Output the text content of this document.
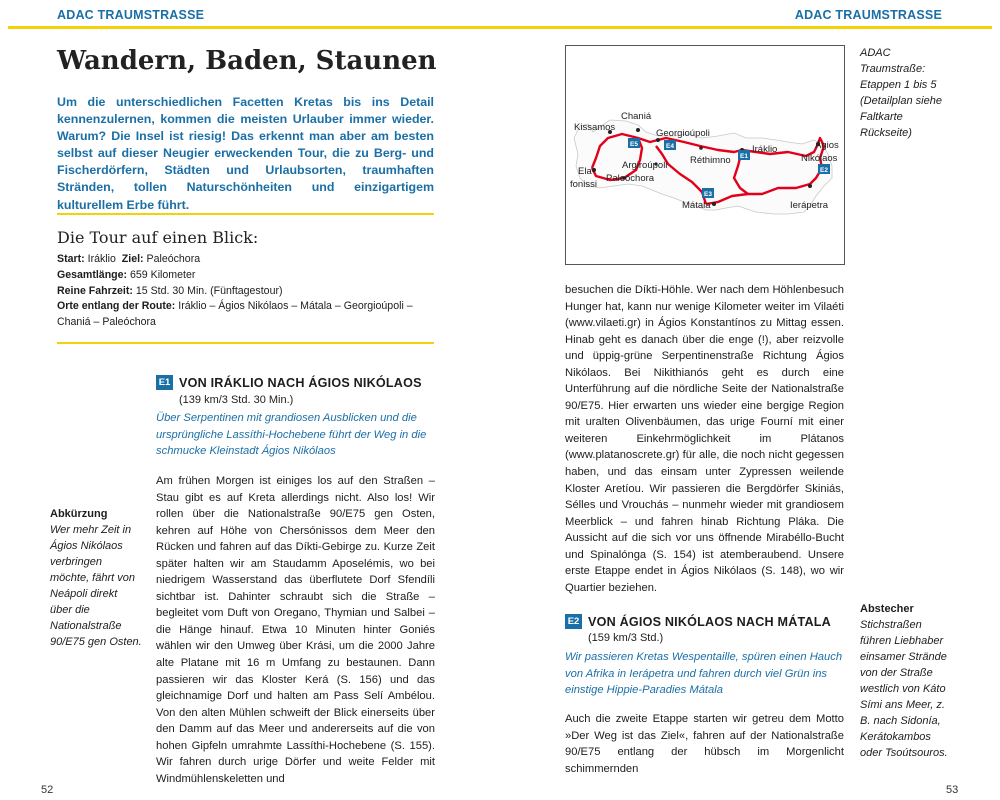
ADAC TRAUMSTRASSE	ADAC TRAUMSTRASSE
Wandern, Baden, Staunen
Um die unterschiedlichen Facetten Kretas bis ins Detail kennenzulernen, kommen die meisten Urlauber immer wieder. Warum? Die Insel ist riesig! Das erkennt man aber am besten selbst auf dieser Neugier erweckenden Tour, die zu Berg- und Fischerdörfern, Städten und Urlaubsorten, traumhaften Stränden, tollen Naturschönheiten und einzigartigem kulturellem Erbe führt.
Die Tour auf einen Blick:
Start: Iráklio Ziel: Paleóchora
Gesamtlänge: 659 Kilometer
Reine Fahrzeit: 15 Std. 30 Min. (Fünftagestour)
Orte entlang der Route: Iráklio – Ágios Nikólaos – Mátala – Georgioúpoli – Chaniá – Paleóchora
E1 VON IRÁKLIO NACH ÁGIOS NIKÓLAOS
(139 km/3 Std. 30 Min.)
Über Serpentinen mit grandiosen Ausblicken und die ursprüngliche Lassíthi-Hochebene führt der Weg in die schmucke Kleinstadt Ágios Nikólaos
Am frühen Morgen ist einiges los auf den Straßen – Stau gibt es auf Kreta allerdings nicht. Also los! Wir rollen über die Nationalstraße 90/E75 gen Osten, kehren auf Höhe von Chersónissos dem Meer den Rücken und fahren auf das Díkti-Gebirge zu. Kurze Zeit später halten wir am Staudamm Aposelémis, wo bei niedrigem Wasserstand das überflutete Dorf Sfendíli sichtbar ist. Dahinter schraubt sich die Straße – begleitet vom Duft von Oregano, Thymian und Salbei – die Hänge hinauf. Etwa 10 Minuten hinter Goniés wählen wir den Umweg über Krási, um die 2000 Jahre alte Platane mit 16 m Umfang zu bestaunen. Dann passieren wir das Kloster Kerá (S. 156) und das gleichnamige Dorf und halten am Pass Selí Ambélou. Von den alten Mühlen schweift der Blick einerseits über den Damm auf das Meer und andererseits auf die von hohen Gipfeln umrahmte Lassíthi-Hochebene (S. 155). Wir fahren durch urige Dörfer und weite Felder mit Windmühlenskeletten und
Abkürzung
Wer mehr Zeit in Ágios Nikólaos verbringen möchte, fährt von Neápoli direkt über die Nationalstraße 90/E75 gen Osten.
Chaniá
Kissamos
Georgioúpoli
Iráklio	Ágios
Nikólaos
Argiroúpoli Réthimno
Ela-
fonissi
Paleóchora
Mátala	Ierápetra
E5	E4
E1
E2
E3
ADAC Traumstraße: Etappen 1 bis 5 (Detailplan siehe Faltkarte Rückseite)
besuchen die Díkti-Höhle. Wer nach dem Höhlenbesuch Hunger hat, kann nur wenige Kilometer weiter im Vilaéti (www.vilaeti.gr) in Ágios Konstantínos zu Mittag essen. Hinab geht es danach über die enge (!), aber reizvolle und üppig-grüne Serpentinenstraße Richtung Ágios Nikólaos. Bei Nikithianós geht es durch eine Unterführung auf die nördliche Seite der Nationalstraße 90/E75. Hier erwarten uns wieder eine bergige Region mit uralten Olivenbäumen, das urige Fourní mit einer weiteren Einkehrmöglichkeit im Plátanos (www.platanoscrete.gr) für alle, die noch nicht gegessen haben, und das einsam unter Zypressen weilende Kloster Aretíou. Wir passieren die Bergdörfer Skiniás, Sélles und Vrouchás – nunmehr wieder mit grandiosem Meerblick – und fahren hinab Richtung Pláka. Die Aussicht auf die sich vor uns öffnende Mirabéllo-Bucht und Spinalónga (S. 154) ist atemberaubend. Unsere erste Etappe endet in Ágios Nikólaos (S. 148), wo wir Quartier beziehen.
E2 VON ÁGIOS NIKÓLAOS NACH MÁTALA
(159 km/3 Std.)
Wir passieren Kretas Wespentaille, spüren einen Hauch von Afrika in Ierápetra und fahren durch viel Grün ins einstige Hippie-Paradies Mátala
Auch die zweite Etappe starten wir getreu dem Motto »Der Weg ist das Ziel«, fahren auf der Nationalstraße 90/E75 entlang der hübsch im Morgenlicht schimmernden
Abstecher
Stichstraßen führen Liebhaber einsamer Strände von der Straße westlich von Káto Sími ans Meer, z. B. nach Sidonía, Kerátokambos oder Tsoútsouros.
52	53
